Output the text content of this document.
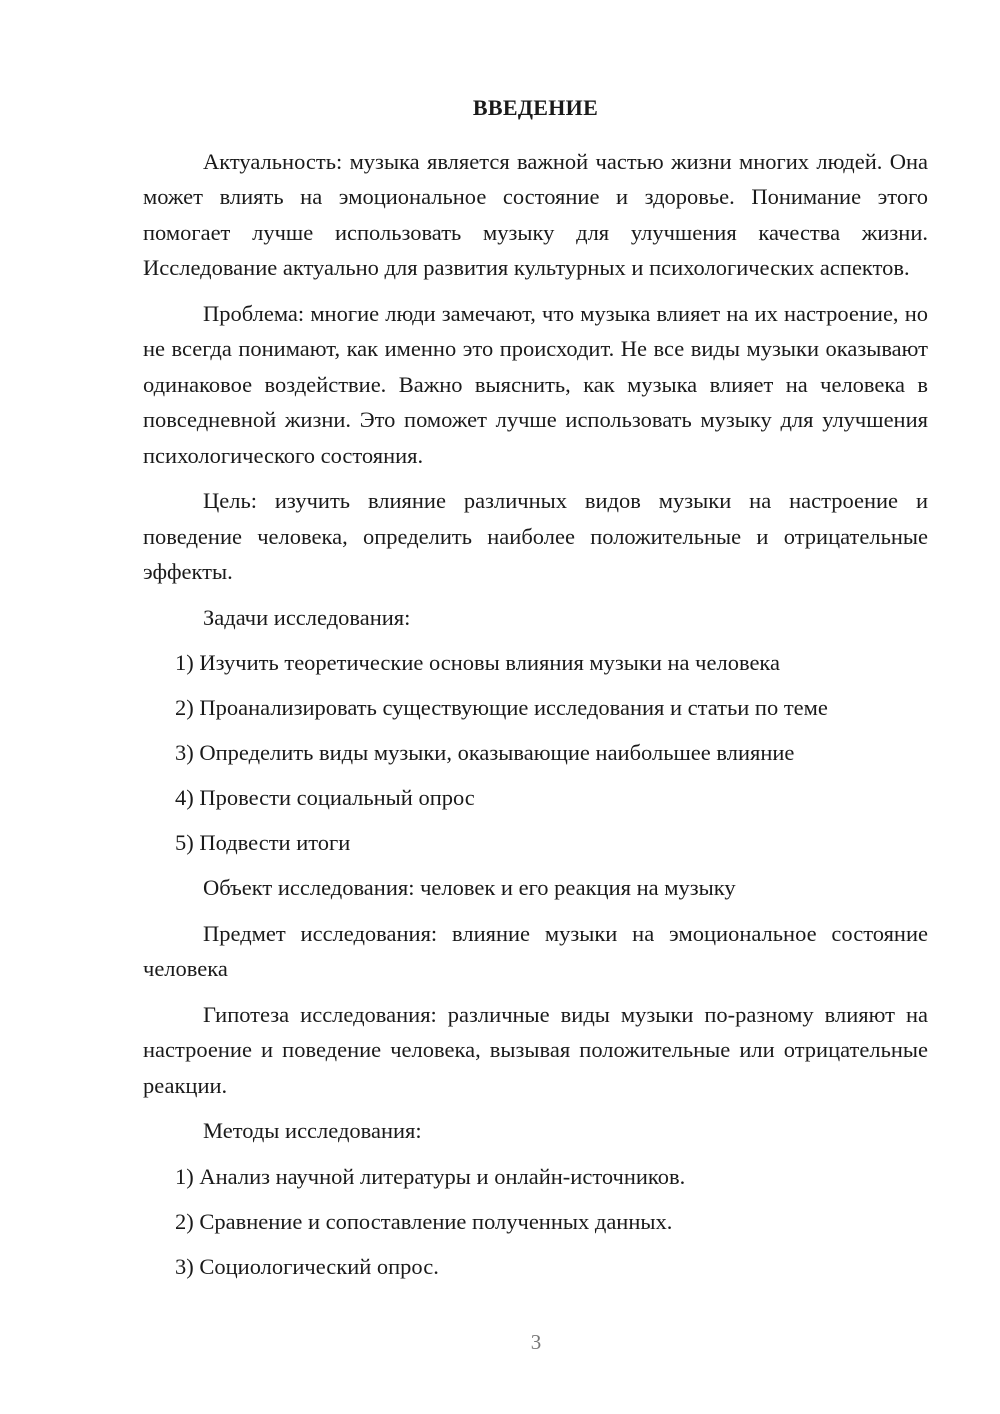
ВВЕДЕНИЕ

Актуальность: музыка является важной частью жизни многих людей. Она может влиять на эмоциональное состояние и здоровье. Понимание этого помогает лучше использовать музыку для улучшения качества жизни. Исследование актуально для развития культурных и психологических аспектов.

Проблема: многие люди замечают, что музыка влияет на их настроение, но не всегда понимают, как именно это происходит. Не все виды музыки оказывают одинаковое воздействие. Важно выяснить, как музыка влияет на человека в повседневной жизни. Это поможет лучше использовать музыку для улучшения психологического состояния.

Цель: изучить влияние различных видов музыки на настроение и поведение человека, определить наиболее положительные и отрицательные эффекты.

Задачи исследования:

1) Изучить теоретические основы влияния музыки на человека

2) Проанализировать существующие исследования и статьи по теме

3) Определить виды музыки, оказывающие наибольшее влияние

4) Провести социальный опрос

5) Подвести итоги

Объект исследования: человек и его реакция на музыку

Предмет исследования: влияние музыки на эмоциональное состояние человека

Гипотеза исследования: различные виды музыки по-разному влияют на настроение и поведение человека, вызывая положительные или отрицательные реакции.

Методы исследования:

1) Анализ научной литературы и онлайн-источников.

2) Сравнение и сопоставление полученных данных.

3) Социологический опрос.

3
